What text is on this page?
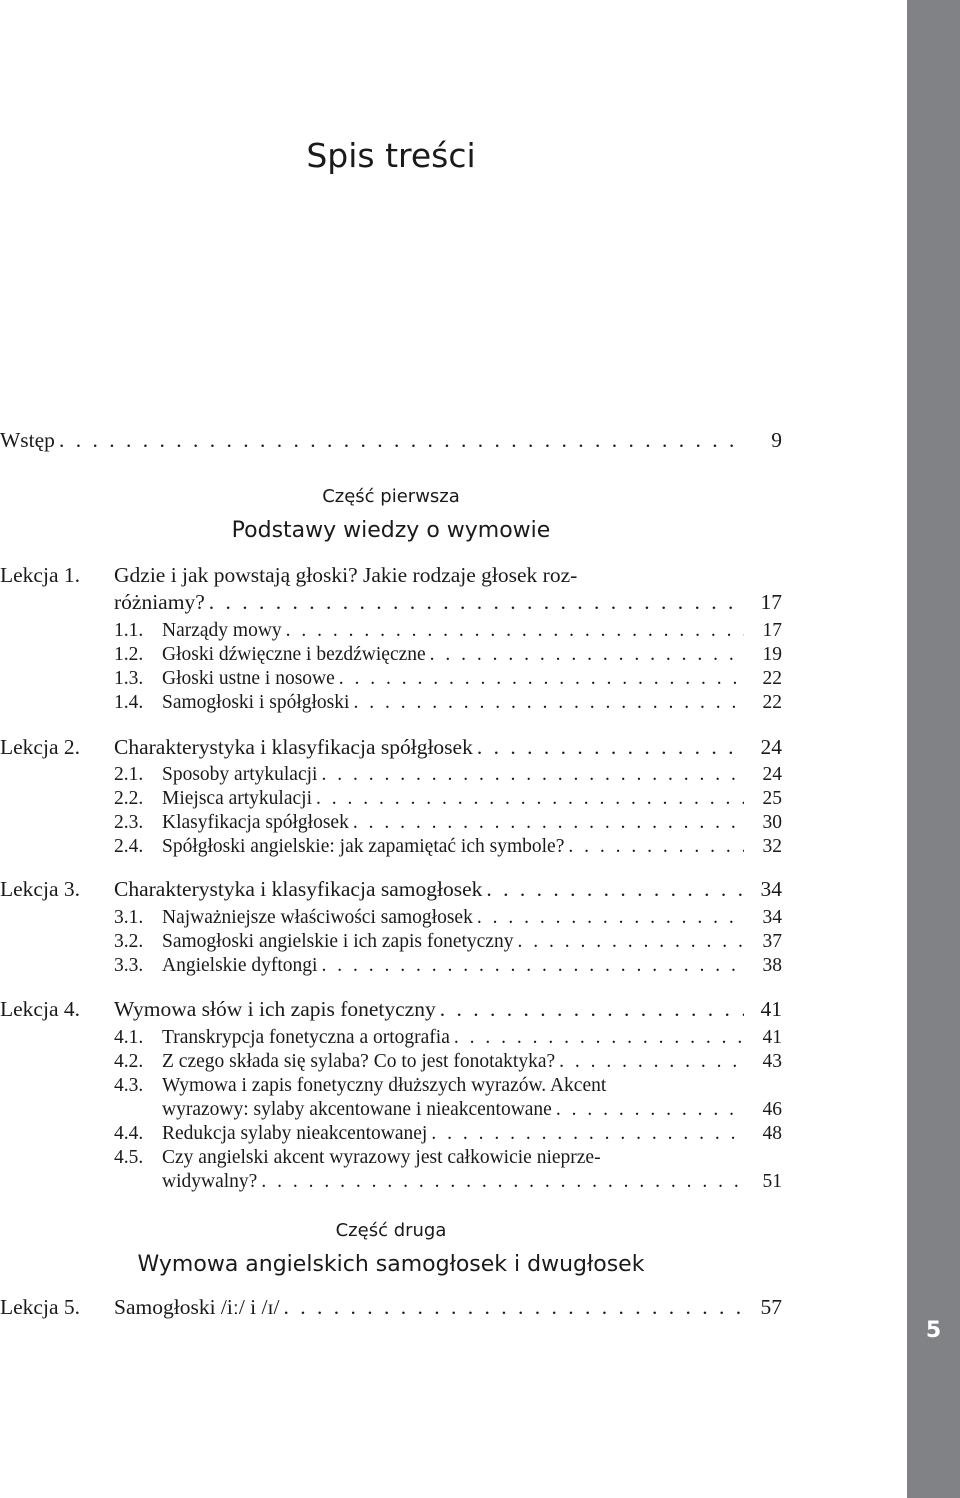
5
Spis treści
Wstęp . . .	9
Część pierwsza
Podstawy wiedzy o wymowie
Lekcja 1.	Gdzie i jak powstają głoski? Jakie rodzaje głosek roz-
różniamy? . . .	17
1.1. Narządy mowy . . .	17
1.2. Głoski dźwięczne i bezdźwięczne . . .	19
1.3. Głoski ustne i nosowe . . .	22
1.4. Samogłoski i spółgłoski . . .	22
Lekcja 2.	Charakterystyka i klasyfikacja spółgłosek . . .	24
2.1. Sposoby artykulacji . . .	24
2.2. Miejsca artykulacji . . .	25
2.3. Klasyfikacja spółgłosek . . .	30
2.4. Spółgłoski angielskie: jak zapamiętać ich symbole? . . .	32
Lekcja 3.	Charakterystyka i klasyfikacja samogłosek . . .	34
3.1. Najważniejsze właściwości samogłosek . . .	34
3.2. Samogłoski angielskie i ich zapis fonetyczny . . .	37
3.3. Angielskie dyftongi . . .	38
Lekcja 4.	Wymowa słów i ich zapis fonetyczny . . .	41
4.1. Transkrypcja fonetyczna a ortografia . . .	41
4.2. Z czego składa się sylaba? Co to jest fonotaktyka? . . .	43
4.3. Wymowa i zapis fonetyczny dłuższych wyrazów. Akcent
wyrazowy: sylaby akcentowane i nieakcentowane . . .	46
4.4. Redukcja sylaby nieakcentowanej . . .	48
4.5. Czy angielski akcent wyrazowy jest całkowicie nieprze-
widywalny? . . .	51
Część druga
Wymowa angielskich samogłosek i dwugłosek
Lekcja 5.	Samogłoski /iː/ i /ɪ/ . . .	57
